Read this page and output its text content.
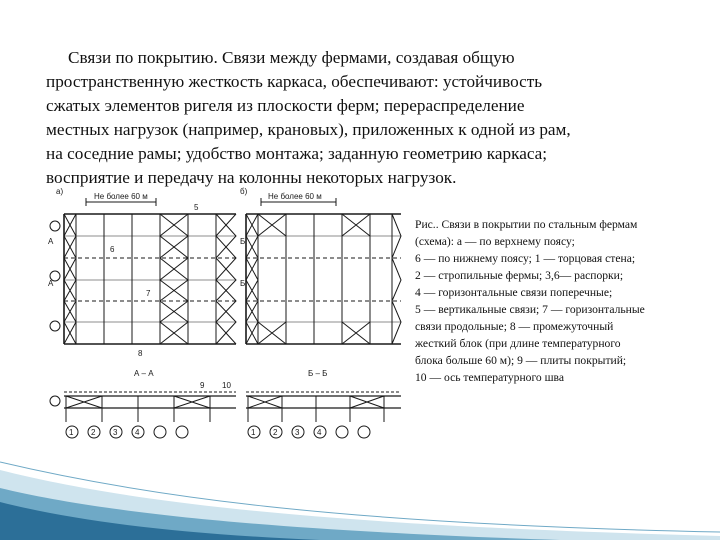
Связи по покрытию. Связи между фермами, создавая общую
пространственную жесткость каркаса, обеспечивают: устойчивость
сжатых элементов ригеля из плоскости ферм; перераспределение
местных нагрузок (например, крановых), приложенных к одной из рам,
на соседние рамы; удобство монтажа; заданную геометрию каркаса;
восприятие и передачу на колонны некоторых нагрузок.
а)	б)
Не более 60 м	Не более 60 м
А – А	Б – Б
А
А
Б
Б
1 2 3 4	1 2 3 4
5
6
7
8
9 10
Рис.. Связи в покрытии по стальным фермам
(схема): а — по верхнему поясу;
6 — по нижнему поясу; 1 — торцовая стена;
2 — стропильные фермы; 3,6— распорки;
4 — горизонтальные связи поперечные;
5 — вертикальные связи; 7 — горизонтальные
связи продольные; 8 — промежуточный
жесткий блок (при длине температурного
блока больше 60 м); 9 — плиты покрытий;
10 — ось температурного шва
